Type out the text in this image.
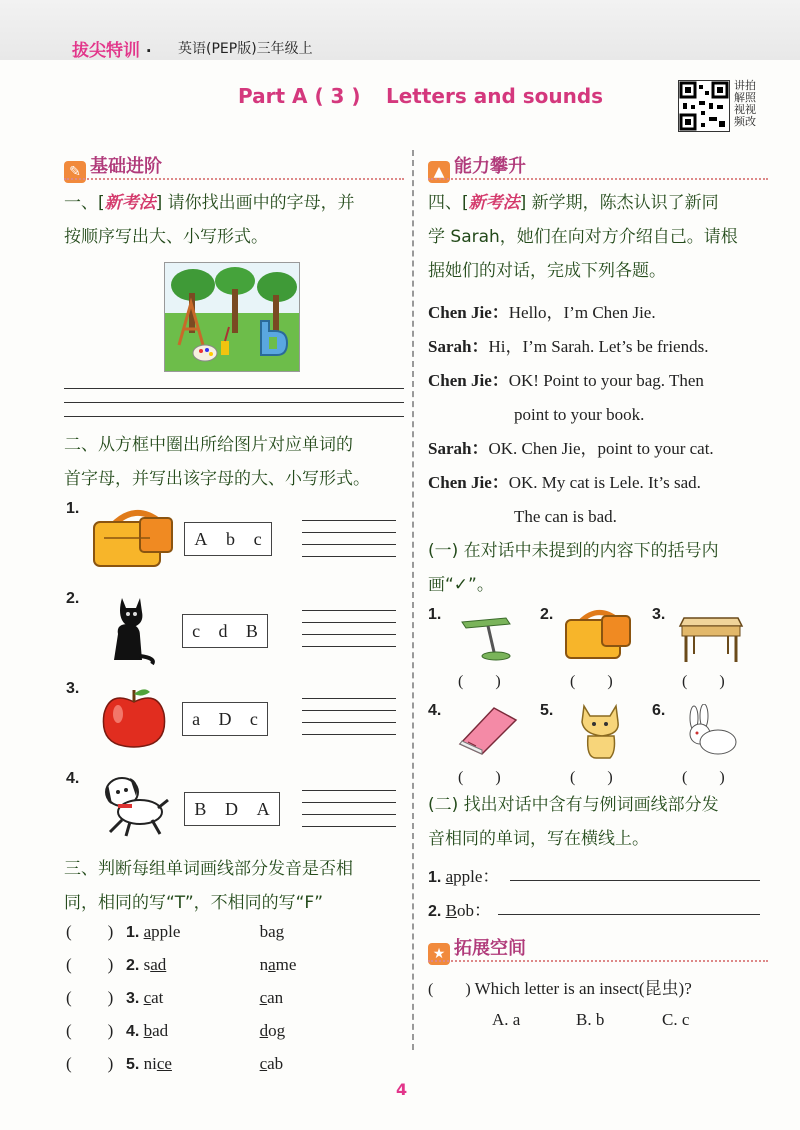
拔尖特训 · 英语(PEP版)三年级上
Part A ( 3 ) Letters and sounds	讲拍
解照
视视
频改
✎ 基础进阶
一、[新考法] 请你找出画中的字母，并
按顺序写出大、小写形式。
二、从方框中圈出所给图片对应单词的
首字母，并写出该字母的大、小写形式。
1.
A b c
2.
c d B
3.
a D c
4.
B D A
三、判断每组单词画线部分发音是否相
同，相同的写“T”，不相同的写“F”
( ) 1. apple	bag
( ) 2. sad	name
( ) 3. cat	can
( ) 4. bad	dog
( ) 5. nice	cab
▲ 能力攀升
四、[新考法] 新学期，陈杰认识了新同
学 Sarah，她们在向对方介绍自己。请根
据她们的对话，完成下列各题。
Chen Jie：Hello，I’m Chen Jie.
Sarah：Hi，I’m Sarah. Let’s be friends.
Chen Jie：OK! Point to your bag. Then
point to your book.
Sarah：OK. Chen Jie，point to your cat.
Chen Jie：OK. My cat is Lele. It’s sad.
The can is bad.
(一) 在对话中未提到的内容下的括号内
画“✓”。
1.	2.	3.
(　　)	(　　)	(　　)
4.	5.	6.
(　　)	(　　)	(　　)
(二) 找出对话中含有与例词画线部分发
音相同的单词，写在横线上。
1. apple：
2. Bob：
★ 拓展空间
(　　) Which letter is an insect(昆虫)?
A. a	B. b	C. c
4
